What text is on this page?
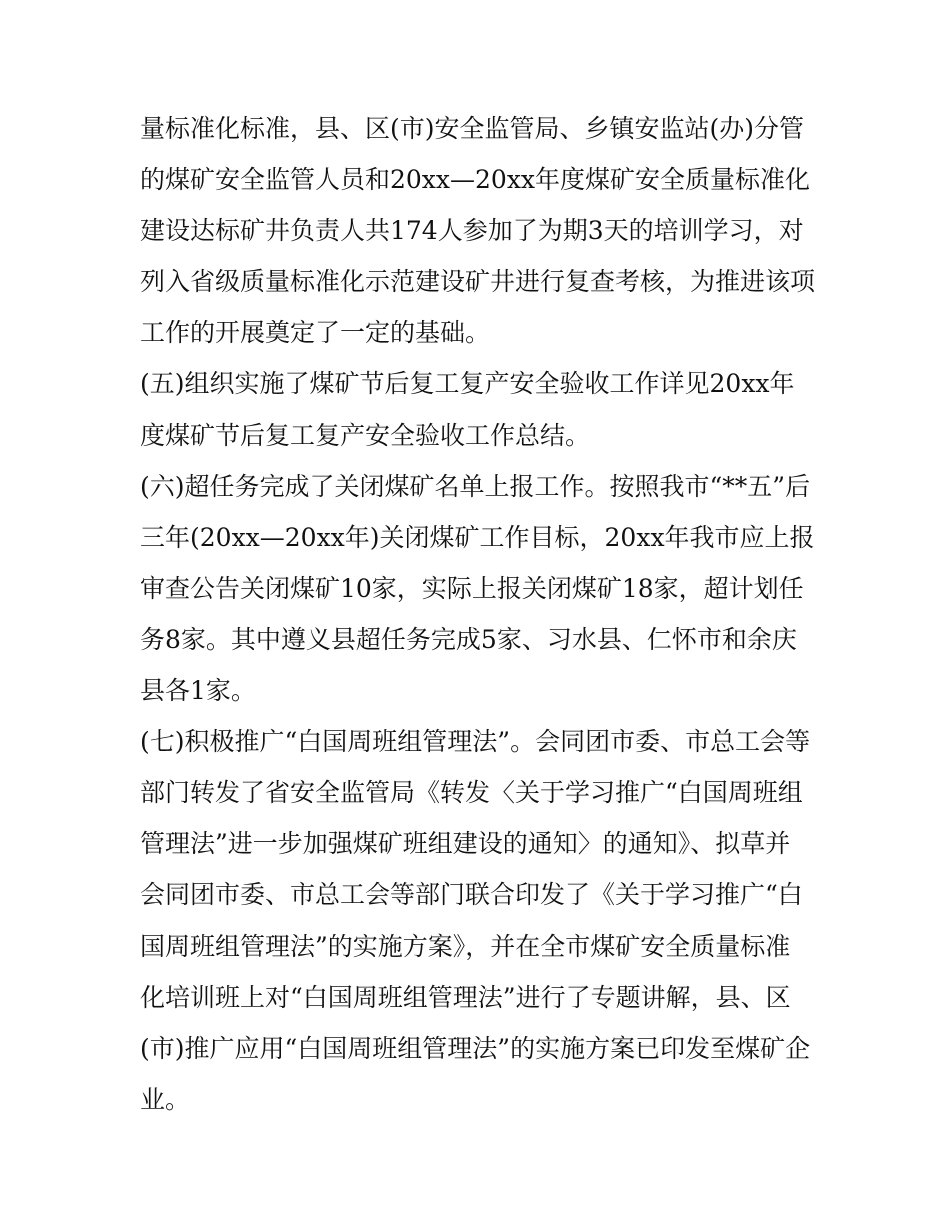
量标准化标准，县、区(市)安全监管局、乡镇安监站(办)分管
的煤矿安全监管人员和20xx—20xx年度煤矿安全质量标准化
建设达标矿井负责人共174人参加了为期3天的培训学习，对
列入省级质量标准化示范建设矿井进行复查考核，为推进该项
工作的开展奠定了一定的基础。
(五)组织实施了煤矿节后复工复产安全验收工作详见20xx年
度煤矿节后复工复产安全验收工作总结。
(六)超任务完成了关闭煤矿名单上报工作。按照我市“**五”后
三年(20xx—20xx年)关闭煤矿工作目标，20xx年我市应上报
审查公告关闭煤矿10家，实际上报关闭煤矿18家，超计划任
务8家。其中遵义县超任务完成5家、习水县、仁怀市和余庆
县各1家。
(七)积极推广“白国周班组管理法”。会同团市委、市总工会等
部门转发了省安全监管局《转发〈关于学习推广“白国周班组
管理法”进一步加强煤矿班组建设的通知〉的通知》、拟草并
会同团市委、市总工会等部门联合印发了《关于学习推广“白
国周班组管理法”的实施方案》，并在全市煤矿安全质量标准
化培训班上对“白国周班组管理法”进行了专题讲解，县、区
(市)推广应用“白国周班组管理法”的实施方案已印发至煤矿企
业。
